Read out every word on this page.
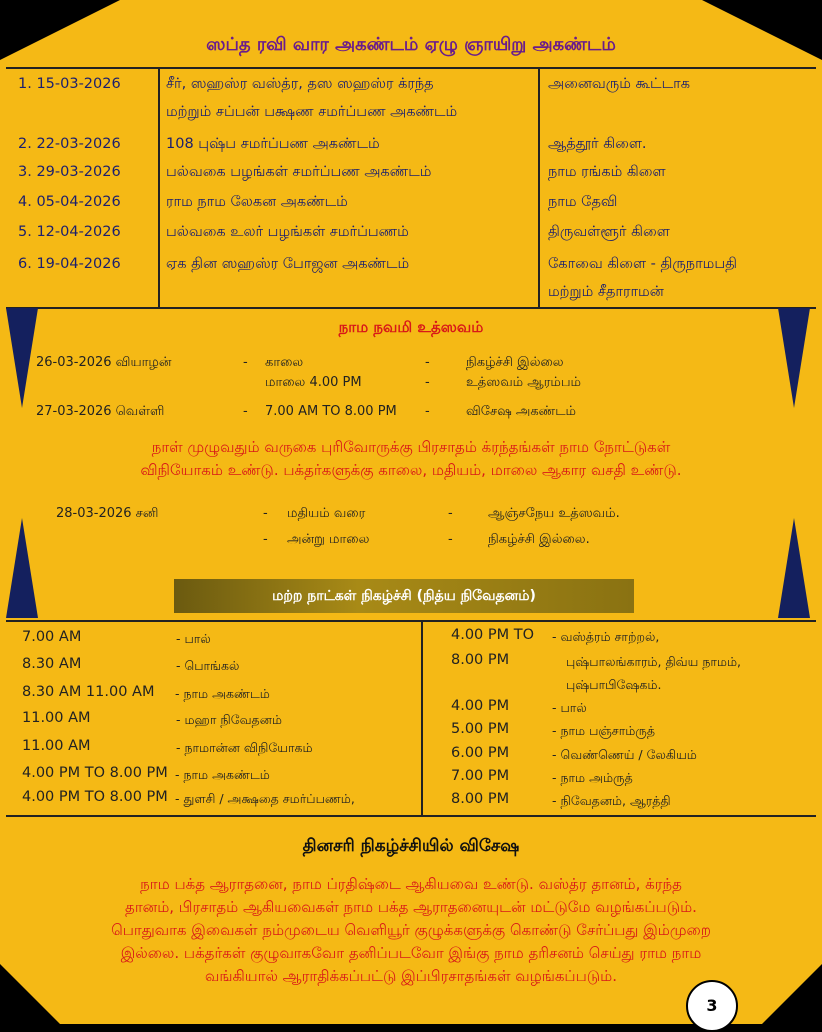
ஸப்த ரவி வார அகண்டம் ஏழு ஞாயிறு அகண்டம்
1. 15-03-2026	சீர், ஸஹஸ்ர வஸ்த்ர, தஸ ஸஹஸ்ர க்ரந்த	அனைவரும் கூட்டாக
மற்றும் சப்பன் பக்ஷண சமர்ப்பண அகண்டம்
2. 22-03-2026	108 புஷ்ப சமர்ப்பண அகண்டம்	ஆத்தூர் கிளை.
3. 29-03-2026	பல்வகை பழங்கள் சமர்ப்பண அகண்டம்	நாம ரங்கம் கிளை
4. 05-04-2026	ராம நாம லேகன அகண்டம்	நாம தேவி
5. 12-04-2026	பல்வகை உலர் பழங்கள் சமர்ப்பணம்	திருவள்ளூர் கிளை
6. 19-04-2026	ஏக தின ஸஹஸ்ர போஜன அகண்டம்	கோவை கிளை - திருநாமபதி
மற்றும் சீதாராமன்
நாம நவமி உத்ஸவம்
26-03-2026 வியாழன்	- காலை	-	நிகழ்ச்சி இல்லை
மாலை 4.00 PM	-	உத்ஸவம் ஆரம்பம்
27-03-2026 வெள்ளி	- 7.00 AM TO 8.00 PM -	விசேஷ அகண்டம்
நாள் முழுவதும் வருகை புரிவோருக்கு பிரசாதம் க்ரந்தங்கள் நாம நோட்டுகள்
விநியோகம் உண்டு. பக்தர்களுக்கு காலை, மதியம், மாலை ஆகார வசதி உண்டு.
28-03-2026 சனி	- மதியம் வரை	-	ஆஞ்சநேய உத்ஸவம்.
- அன்று மாலை	-	நிகழ்ச்சி இல்லை.
மற்ற நாட்கள் நிகழ்ச்சி (நித்ய நிவேதனம்)
7.00 AM	- பால்
8.30 AM	- பொங்கல்
8.30 AM 11.00 AM - நாம அகண்டம்
11.00 AM	- மஹா நிவேதனம்
11.00 AM	- நாமான்ன விநியோகம்
4.00 PM TO 8.00 PM - நாம அகண்டம்
4.00 PM TO 8.00 PM - துளசி / அக்ஷதை சமர்ப்பணம்,
4.00 PM TO - வஸ்த்ரம் சாற்றல்,
8.00 PM	புஷ்பாலங்காரம், திவ்ய நாமம்,
புஷ்பாபிஷேகம்.
4.00 PM	- பால்
5.00 PM	- நாம பஞ்சாம்ருத்
6.00 PM	- வெண்ணெய் / லேகியம்
7.00 PM	- நாம அம்ருத்
8.00 PM	- நிவேதனம், ஆரத்தி
தினசரி நிகழ்ச்சியில் விசேஷ
நாம பக்த ஆராதனை, நாம ப்ரதிஷ்டை ஆகியவை உண்டு. வஸ்த்ர தானம், க்ரந்த
தானம், பிரசாதம் ஆகியவைகள் நாம பக்த ஆராதனையுடன் மட்டுமே வழங்கப்படும்.
பொதுவாக இவைகள் நம்முடைய வெளியூர் குழுக்களுக்கு கொண்டு சேர்ப்பது இம்முறை
இல்லை. பக்தர்கள் குழுவாகவோ தனிப்படவோ இங்கு நாம தரிசனம் செய்து ராம நாம
வங்கியால் ஆராதிக்கப்பட்டு இப்பிரசாதங்கள் வழங்கப்படும்.
3
